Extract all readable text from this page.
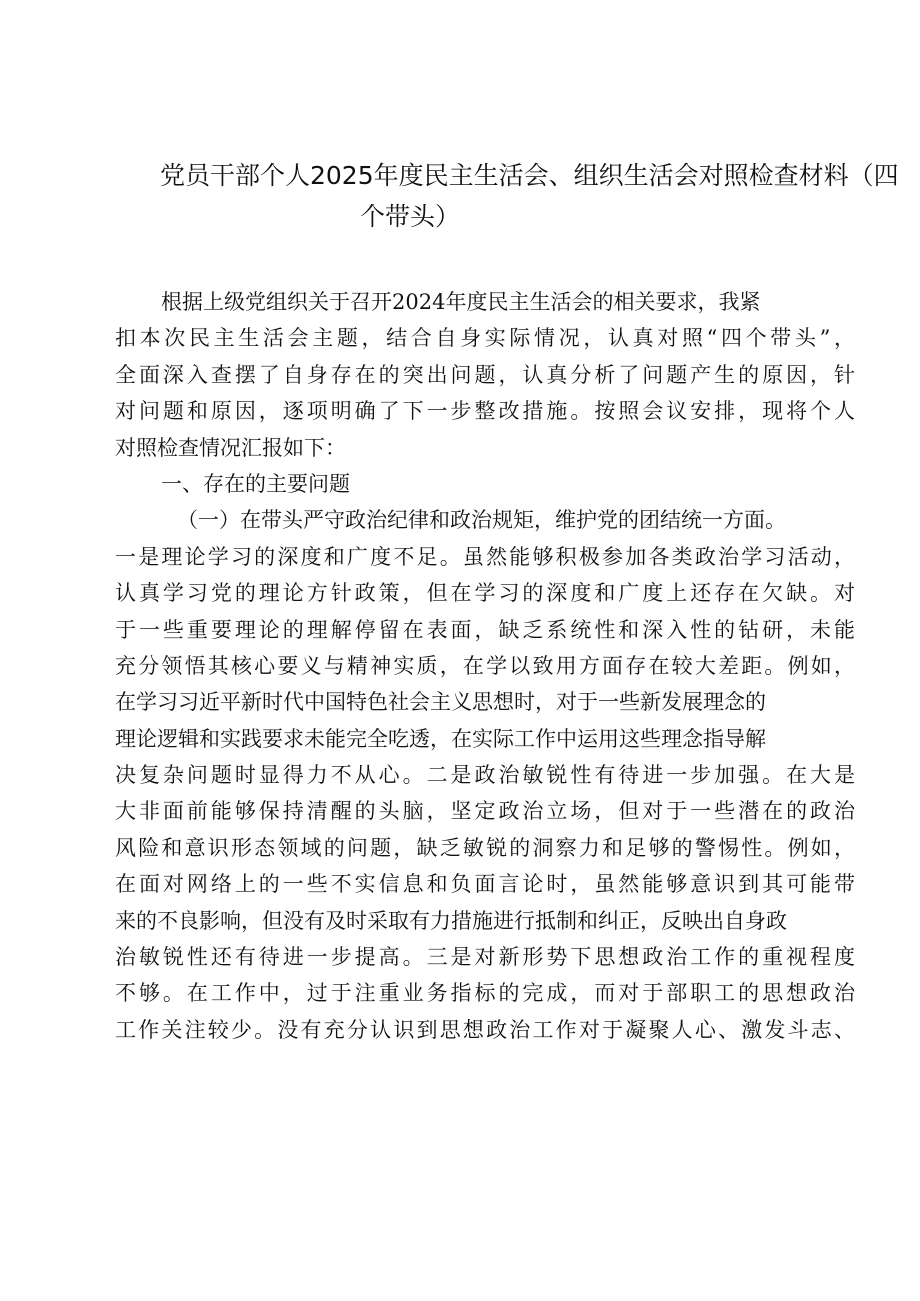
党员干部个人2025年度民主生活会、组织生活会对照检查材料（四
个带头）
根据上级党组织关于召开2024年度民主生活会的相关要求，我紧
扣本次民主生活会主题，结合自身实际情况，认真对照“四个带头”，
全面深入查摆了自身存在的突出问题，认真分析了问题产生的原因，针
对问题和原因，逐项明确了下一步整改措施。按照会议安排，现将个人
对照检查情况汇报如下：
一、存在的主要问题
（一）在带头严守政治纪律和政治规矩，维护党的团结统一方面。
一是理论学习的深度和广度不足。虽然能够积极参加各类政治学习活动，
认真学习党的理论方针政策，但在学习的深度和广度上还存在欠缺。对
于一些重要理论的理解停留在表面，缺乏系统性和深入性的钻研，未能
充分领悟其核心要义与精神实质，在学以致用方面存在较大差距。例如，
在学习习近平新时代中国特色社会主义思想时，对于一些新发展理念的
理论逻辑和实践要求未能完全吃透，在实际工作中运用这些理念指导解
决复杂问题时显得力不从心。二是政治敏锐性有待进一步加强。在大是
大非面前能够保持清醒的头脑，坚定政治立场，但对于一些潜在的政治
风险和意识形态领域的问题，缺乏敏锐的洞察力和足够的警惕性。例如，
在面对网络上的一些不实信息和负面言论时，虽然能够意识到其可能带
来的不良影响，但没有及时采取有力措施进行抵制和纠正，反映出自身政
治敏锐性还有待进一步提高。三是对新形势下思想政治工作的重视程度
不够。在工作中，过于注重业务指标的完成，而对于部职工的思想政治
工作关注较少。没有充分认识到思想政治工作对于凝聚人心、激发斗志、
